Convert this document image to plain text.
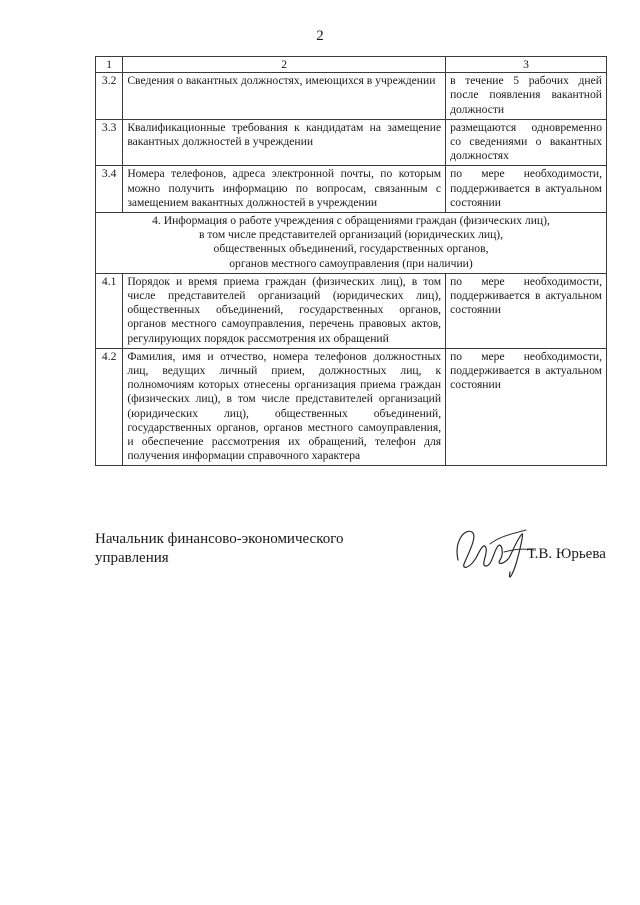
2
1	2	3
3.2	Сведения о вакантных должностях, имеющихся в учреждении	в течение 5 рабочих дней после появления вакантной должности
3.3	Квалификационные требования к кандидатам на замещение вакантных должностей в учреждении	размещаются одновременно со сведениями о вакантных должностях
3.4	Номера телефонов, адреса электронной почты, по которым можно получить информацию по вопросам, связанным с замещением вакантных должностей в учреждении	по мере необходимости, поддерживается в актуальном состоянии

4. Информация о работе учреждения с обращениями граждан (физических лиц),
в том числе представителей организаций (юридических лиц),
общественных объединений, государственных органов,
органов местного самоуправления (при наличии)		

4.1	Порядок и время приема граждан (физических лиц), в том числе представителей организаций (юридических лиц), общественных объединений, государственных органов, органов местного самоуправления, перечень правовых актов, регулирующих порядок рассмотрения их обращений	по мере необходимости, поддерживается в актуальном состоянии
4.2	Фамилия, имя и отчество, номера телефонов должностных лиц, ведущих личный прием, должностных лиц, к полномочиям которых отнесены организация приема граждан (физических лиц), в том числе представителей организаций (юридических лиц), общественных объединений, государственных органов, органов местного самоуправления, и обеспечение рассмотрения их обращений, телефон для получения информации справочного характера	по мере необходимости, поддерживается в актуальном состоянии
Начальник финансово-экономического
управления	Т.В. Юрьева
